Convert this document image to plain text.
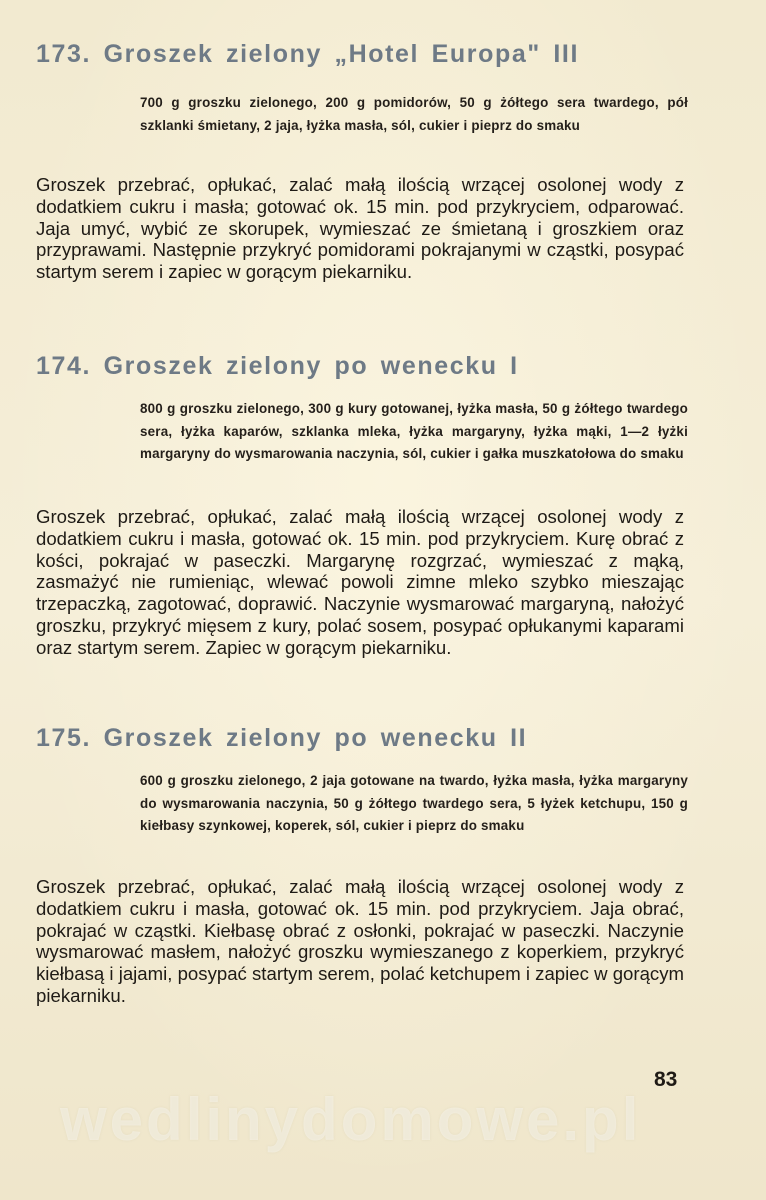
173. Groszek zielony „Hotel Europa" III

700 g groszku zielonego, 200 g pomidorów, 50 g żółtego sera twardego, pół szklanki śmietany, 2 jaja, łyżka masła, sól, cukier i pieprz do smaku

Groszek przebrać, opłukać, zalać małą ilością wrzącej osolonej wody z dodatkiem cukru i masła; gotować ok. 15 min. pod przykryciem, odparować. Jaja umyć, wybić ze skorupek, wymieszać ze śmietaną i groszkiem oraz przyprawami. Następnie przykryć pomidorami pokrajanymi w cząstki, posypać startym serem i zapiec w gorącym piekarniku.

174. Groszek zielony po wenecku I

800 g groszku zielonego, 300 g kury gotowanej, łyżka masła, 50 g żółtego twardego sera, łyżka kaparów, szklanka mleka, łyżka margaryny, łyżka mąki, 1—2 łyżki margaryny do wysmarowania naczynia, sól, cukier i gałka muszkatołowa do smaku

Groszek przebrać, opłukać, zalać małą ilością wrzącej osolonej wody z dodatkiem cukru i masła, gotować ok. 15 min. pod przykryciem. Kurę obrać z kości, pokrajać w paseczki. Margarynę rozgrzać, wymieszać z mąką, zasmażyć nie rumieniąc, wlewać powoli zimne mleko szybko mieszając trzepaczką, zagotować, doprawić. Naczynie wysmarować margaryną, nałożyć groszku, przykryć mięsem z kury, polać sosem, posypać opłukanymi kaparami oraz startym serem. Zapiec w gorącym piekarniku.

175. Groszek zielony po wenecku II

600 g groszku zielonego, 2 jaja gotowane na twardo, łyżka masła, łyżka margaryny do wysmarowania naczynia, 50 g żółtego twardego sera, 5 łyżek ketchupu, 150 g kiełbasy szynkowej, koperek, sól, cukier i pieprz do smaku

Groszek przebrać, opłukać, zalać małą ilością wrzącej osolonej wody z dodatkiem cukru i masła, gotować ok. 15 min. pod przykryciem. Jaja obrać, pokrajać w cząstki. Kiełbasę obrać z osłonki, pokrajać w paseczki. Naczynie wysmarować masłem, nałożyć groszku wymieszanego z koperkiem, przykryć kiełbasą i jajami, posypać startym serem, polać ketchupem i zapiec w gorącym piekarniku.

83
wedlinydomowe.pl
